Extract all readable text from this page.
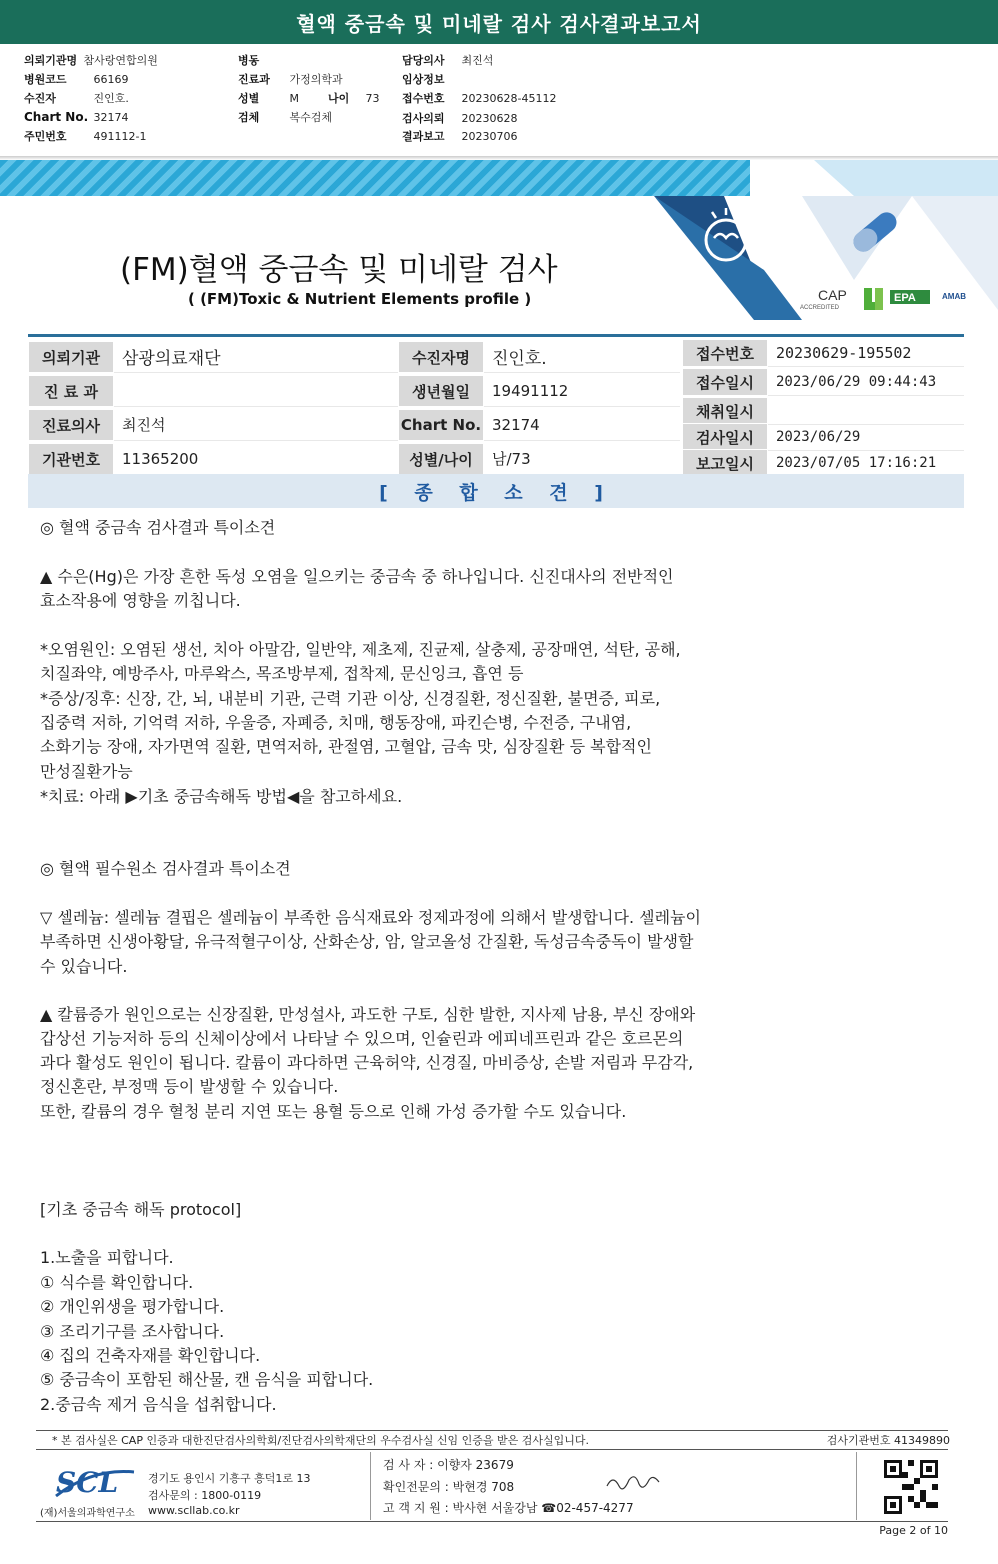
혈액 중금속 및 미네랄 검사 검사결과보고서
의뢰기관명 참사랑연합의원
병원코드 66169
수진자	진인호.
Chart No. 32174
주민번호 491112-1
병동
진료과 가정의학과
성별	M	나이 73
검체	복수검체
담당의사 최진석
임상정보
접수번호 20230628-45112
검사의뢰 20230628
결과보고 20230706
CAP
ACCREDITED
EPA	AMAB
(FM)혈액 중금속 및 미네랄 검사
( (FM)Toxic & Nutrient Elements profile )
의뢰기관	삼광의료재단
진 료 과
진료의사	최진석
기관번호	11365200
수진자명	진인호.
생년월일	19491112
Chart No. 32174
성별/나이	남/73
접수번호	20230629-195502
접수일시	2023/06/29 09:44:43
채취일시
검사일시	2023/06/29
보고일시	2023/07/05 17:16:21
[ 종 합 소 견 ]
◎ 혈액 중금속 검사결과 특이소견
▲ 수은(Hg)은 가장 흔한 독성 오염을 일으키는 중금속 중 하나입니다. 신진대사의 전반적인
효소작용에 영향을 끼칩니다.
*오염원인: 오염된 생선, 치아 아말감, 일반약, 제초제, 진균제, 살충제, 공장매연, 석탄, 공해,
치질좌약, 예방주사, 마루왁스, 목조방부제, 접착제, 문신잉크, 흡연 등
*증상/징후: 신장, 간, 뇌, 내분비 기관, 근력 기관 이상, 신경질환, 정신질환, 불면증, 피로,
집중력 저하, 기억력 저하, 우울증, 자폐증, 치매, 행동장애, 파킨슨병, 수전증, 구내염,
소화기능 장애, 자가면역 질환, 면역저하, 관절염, 고혈압, 금속 맛, 심장질환 등 복합적인
만성질환가능
*치료: 아래 ▶기초 중금속해독 방법◀을 참고하세요.
◎ 혈액 필수원소 검사결과 특이소견
▽ 셀레늄: 셀레늄 결핍은 셀레늄이 부족한 음식재료와 정제과정에 의해서 발생합니다. 셀레늄이
부족하면 신생아황달, 유극적혈구이상, 산화손상, 암, 알코올성 간질환, 독성금속중독이 발생할
수 있습니다.
▲ 칼륨증가 원인으로는 신장질환, 만성설사, 과도한 구토, 심한 발한, 지사제 남용, 부신 장애와
갑상선 기능저하 등의 신체이상에서 나타날 수 있으며, 인슐린과 에피네프린과 같은 호르몬의
과다 활성도 원인이 됩니다. 칼륨이 과다하면 근육허약, 신경질, 마비증상, 손발 저림과 무감각,
정신혼란, 부정맥 등이 발생할 수 있습니다.
또한, 칼륨의 경우 혈청 분리 지연 또는 용혈 등으로 인해 가성 증가할 수도 있습니다.
[기초 중금속 해독 protocol]
1.노출을 피합니다.
① 식수를 확인합니다.
② 개인위생을 평가합니다.
③ 조리기구를 조사합니다.
④ 집의 건축자재를 확인합니다.
⑤ 중금속이 포함된 해산물, 캔 음식을 피합니다.
2.중금속 제거 음식을 섭취합니다.
* 본 검사실은 CAP 인증과 대한진단검사의학회/진단검사의학재단의 우수검사실 신임 인증을 받은 검사실입니다.	검사기관번호 41349890
SCL
(재)서울의과학연구소
경기도 용인시 기흥구 흥덕1로 13
검사문의 : 1800-0119
www.scllab.co.kr
검 사 자 : 이향자 23679
확인전문의 : 박현경 708
고 객 지 원 : 박사현 서울강남 ☎02-457-4277
Page 2 of 10
